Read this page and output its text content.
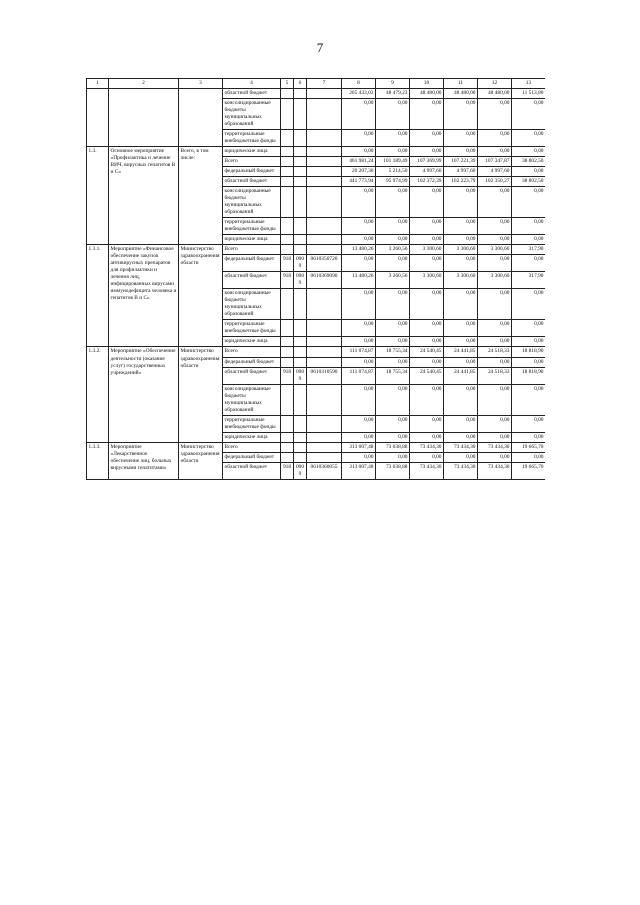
7
1	2	3	4	5	6	7	8	9	10	11	12	13
			областной бюджет				205 433,03	48 479,23	48 480,00	48 480,00	48 480,00	11 513,80
			консолидированные бюджеты муниципальных образований				0,00	0,00	0,00	0,00	0,00	0,00
			территориальные внебюджетные фонды				0,00	0,00	0,00	0,00	0,00	0,00
1.3.	Основное мероприятие «Профилактика и лечение ВИЧ, вирусных гепатитов В и С»	Всего, в том числе:	юридические лица				0,00	0,00	0,00	0,00	0,00	0,00
			Всего				461 981,24	101 189,49	107 369,99	107 221,39	107 347,87	38 802,50
			федеральный бюджет				20 207,30	5 214,50	4 997,60	4 997,60	4 997,60	0,00
			областной бюджет				441 773,94	95 974,99	102 372,39	102 223,79	102 350,27	38 802,50
			консолидированные бюджеты муниципальных образований				0,00	0,00	0,00	0,00	0,00	0,00
			территориальные внебюджетные фонды				0,00	0,00	0,00	0,00	0,00	0,00
			юридические лица				0,00	0,00	0,00	0,00	0,00	0,00
1.3.1.	Мероприятие «Финансовое обеспечение закупок антивирусных препаратов для профилактики и лечения лиц, инфицированных вирусами иммунодефицита человека и гепатитов В и С»	Министерство здравоохранения области	Всего				13 480,26	3 260,56	3 300,60	3 300,60	3 300,60	317,90
			федеральный бюджет	918	0909	0610350720	0,00	0,00	0,00	0,00	0,00	0,00
			областной бюджет	918	0909	0610369090	13 480,26	3 260,56	3 300,60	3 300,60	3 300,60	317,90
			консолидированные бюджеты муниципальных образований				0,00	0,00	0,00	0,00	0,00	0,00
			территориальные внебюджетные фонды				0,00	0,00	0,00	0,00	0,00	0,00
			юридические лица				0,00	0,00	0,00	0,00	0,00	0,00
1.3.2.	Мероприятие «Обеспечение деятельности (оказание услуг) государственных учреждений»	Министерство здравоохранения области	Всего				111 074,87	18 755,34	24 540,45	24 441,85	24 518,33	18 818,90
			федеральный бюджет				0,00	0,00	0,00	0,00	0,00	0,00
			областной бюджет	918	0909	0610310590	111 074,87	18 755,34	24 540,45	24 441,85	24 518,33	18 818,90
			консолидированные бюджеты муниципальных образований				0,00	0,00	0,00	0,00	0,00	0,00
			территориальные внебюджетные фонды				0,00	0,00	0,00	0,00	0,00	0,00
			юридические лица				0,00	0,00	0,00	0,00	0,00	0,00
1.3.3.	Мероприятие «Лекарственное обеспечение лиц, больных вирусными гепатитами»	Министерство здравоохранения области	Всего				313 007,48	73 038,88	73 434,30	73 434,30	73 434,30	19 665,70
			федеральный бюджет				0,00	0,00	0,00	0,00	0,00	0,00
			областной бюджет	918	0909	0610360055	313 007,48	73 038,88	73 434,30	73 434,30	73 434,30	19 665,70
